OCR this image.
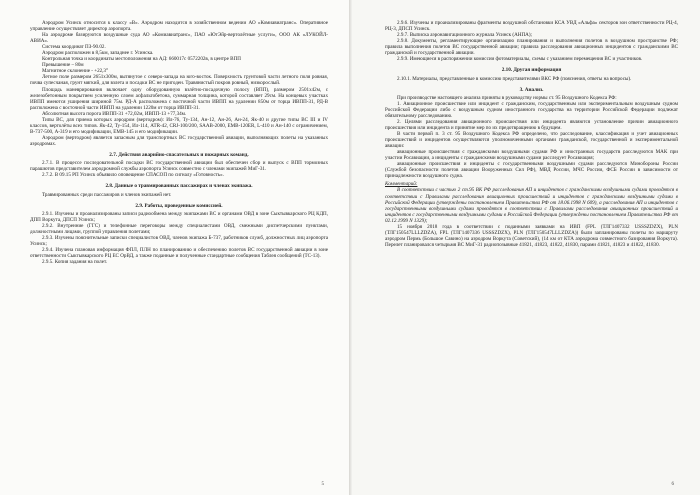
Аэродром Усинск относится к классу «В». Аэродром находится в хозяйственном ведении АО «Комиавиатранс». Оперативное управление осуществляет директор аэропорта.

На аэродроме базируются воздушные суда АО «Комиавиатранс», ПАО «ЮтЭйр-вертолётные услуги», ООО АК «ЛУКОЙЛ-АВИА».

Система координат ПЗ-90.02.

Аэродром расположен в 8,5км, западнее г. Усинска.

Контрольная точка и координаты местоположения на АД: 660017с 0572202в, в центре ВПП

Превышение – 80м

Магнитное склонение - +22,3°

Летное поле размером 2651х300м, вытянутое с северо-запада на юго-восток. Поверхность грунтовой части летного поля ровная, почва супесчаная, грунт мягкий, для взлета и посадки ВС не пригоден. Травянистый покров ровный, низкорослый.

Площадь маневрирования включает одну оборудованную взлётно-посадочную полосу (ВПП), размером 2501х42м, с железобетонным покрытием усиленную слоем асфальтобетона, суммарная толщина, которой составляет 29см. На концевых участках ИВПП имеются уширения шириной 75м. РД-А расположена с восточной части ИВПП на удалении 850м от торца ИВПП-31, РД-В расположена с восточной части ИВПП на удалении 1220м от торца ИВПП-31.

Абсолютная высота порога ИВПП-31 +72,02м, ИВПП-13 +77,34м.

Типы ВС, для приема которых аэродром (вертодром): Ил-76, Ту-134, Ан-12, Ан-26, Ан-24, Як-40 и другие типы ВС III и IV классов, вертолёты всех типов. Як-42, Ту-154, Ил-114, АТR-42, CRJ-100/200, SAAB-2000, EMB-120ER, L-410 и Ан-140 с ограничением, В-737-500, А-319 и его модификации, EMB-145 и его модификации.

Аэродром (вертодром) является запасным для транспортных ВС государственной авиации, выполняющих полеты на указанных аэродромах.

2.7. Действия аварийно-спасательных и пожарных команд.

2.7.1. В процессе последовательной посадки ВС государственной авиации был обеспечен сбор и выпуск с ВПП тормозных парашютов представителем аэродромной службы аэропорта Усинск совместно с членами экипажей МиГ-31.

2.7.2. В 09.15 РП Усинск объявило оповещение СПАСОП по сигналу «Готовность».

2.8. Данные о травмированных пассажирах и членах экипажа.

Травмированных среди пассажиров и членов экипажей нет.

2.9. Работы, проведенные комиссией.

2.9.1. Изучены и проанализированы записи радиообмена между экипажами ВС и органами ОВД в зоне Сыктывкарского РЦ КДП, ДПП Воркута, ДПСП Усинск;

2.9.2. Внутренние (ГГС) и телефонные переговоры между специалистами ОВД, смежными диспетчерскими пунктами, должностными лицами, группой управления полетами;

2.9.3. Изучены пояснительные записки специалистов ОВД, членов экипажа Б-737, работников служб, должностных лиц аэропорта Усинск;

2.9.4. Изучена плановая информация ФПЛ, ПЛН по планированию и обеспечению полетов ВС государственной авиации в зоне ответственности Сыктывкарского РЦ ЕС ОрВД, а также поданные и полученные стандартные сообщения Таблея сообщений (ТС-13).

2.9.5. Копия задания на полет.

5

2.9.6. Изучены и проанализированы фрагменты воздушной обстановки КСА УВД «Альфа» секторов зон ответственности РЦ-4, РЦ-3, ДПСП Усинск.

2.9.7. Выписка аэронавигационного журнала Усинск (АНПА);

2.9.8. Документы, регламентирующие организацию планирования и выполнения полетов в воздушном пространстве РФ; правила выполнения полетов ВС государственной авиации; правила расследования авиационных инцидентов с гражданскими ВС гражданской и государственной авиации.

2.9.9. Имеющиеся в распоряжении комиссии фотоматериалы, схемы с указанием перемещения ВС и участников.

2.10. Другая информация

2.10.1. Материалы, представленные в комиссию представителями ВКС РФ (пояснения, ответы на вопросы).

3. Анализ.

При производстве настоящего анализа приняты в руководству нормы ст. 95 Воздушного Кодекса РФ:

1. Авиационное происшествие или инцидент с гражданским, государственным или экспериментальным воздушным судном Российской Федерации либо с воздушным судном иностранного государства на территории Российской Федерации подлежат обязательному расследованию.

2. Целями расследования авиационного происшествия или инцидента являются установление причин авиационного происшествия или инцидента и принятие мер по их предотвращению в будущем.

В части первой п. 3 ст. 95 Воздушного Кодекса РФ определено, что расследование, классификация и учет авиационных происшествий и инцидентов осуществляются уполномоченными органами гражданской, государственной и экспериментальной авиации:

авиационные происшествия с гражданскими воздушными судами РФ и иностранных государств расследуются МАК при участии Росавиации, а инциденты с гражданскими воздушными судами расследует Росавиация;

авиационные происшествия и инциденты с государственными воздушными судами расследуются Минобороны России (Службой безопасности полетов авиации Вооруженных Сил РФ), МВД России, МЧС России, ФСБ России в зависимости от принадлежности воздушного судна.

Комментарий:

В соответствии с частью 2 ст.95 ВК РФ расследования АП и инцидентов с гражданскими воздушными судами проводятся в соответствии с Правилами расследования авиационных происшествий и инцидентов с гражданскими воздушными судами в Российской Федерации (утверждены постановлением Правительства РФ от 18.06.1998 N 609), а расследования АП и инцидентов с государственными воздушными судами проводятся в соответствии с Правилами расследования авиационных происшествий и инцидентов с государственными воздушными судами в Российской Федерации (утверждены постановлением Правительства РФ от 02.12.1999 N 1329);

15 ноября 2018 года в соответствии с поданными заявками на ИВП (FPL (ТЛГ1407332 USSSZDZX), PLN (ТЛГ150547LLLZDZA), FPL (ТЛГ1407336 USSSZDZX), PLN (ТЛГ150547LLLZDZA)) были запланированы полеты по маршруту аэродром Пермь (Большое Савино) на аэродром Воркута (Советский), (14 км от КТА аэродрома совместного базирования Воркута). Перелет планировался четырьмя ВС МиГ-31 радиопозывные 41821, 41823, 41822, 41830, парами 41821, 41823 и 41822, 41830.

6
